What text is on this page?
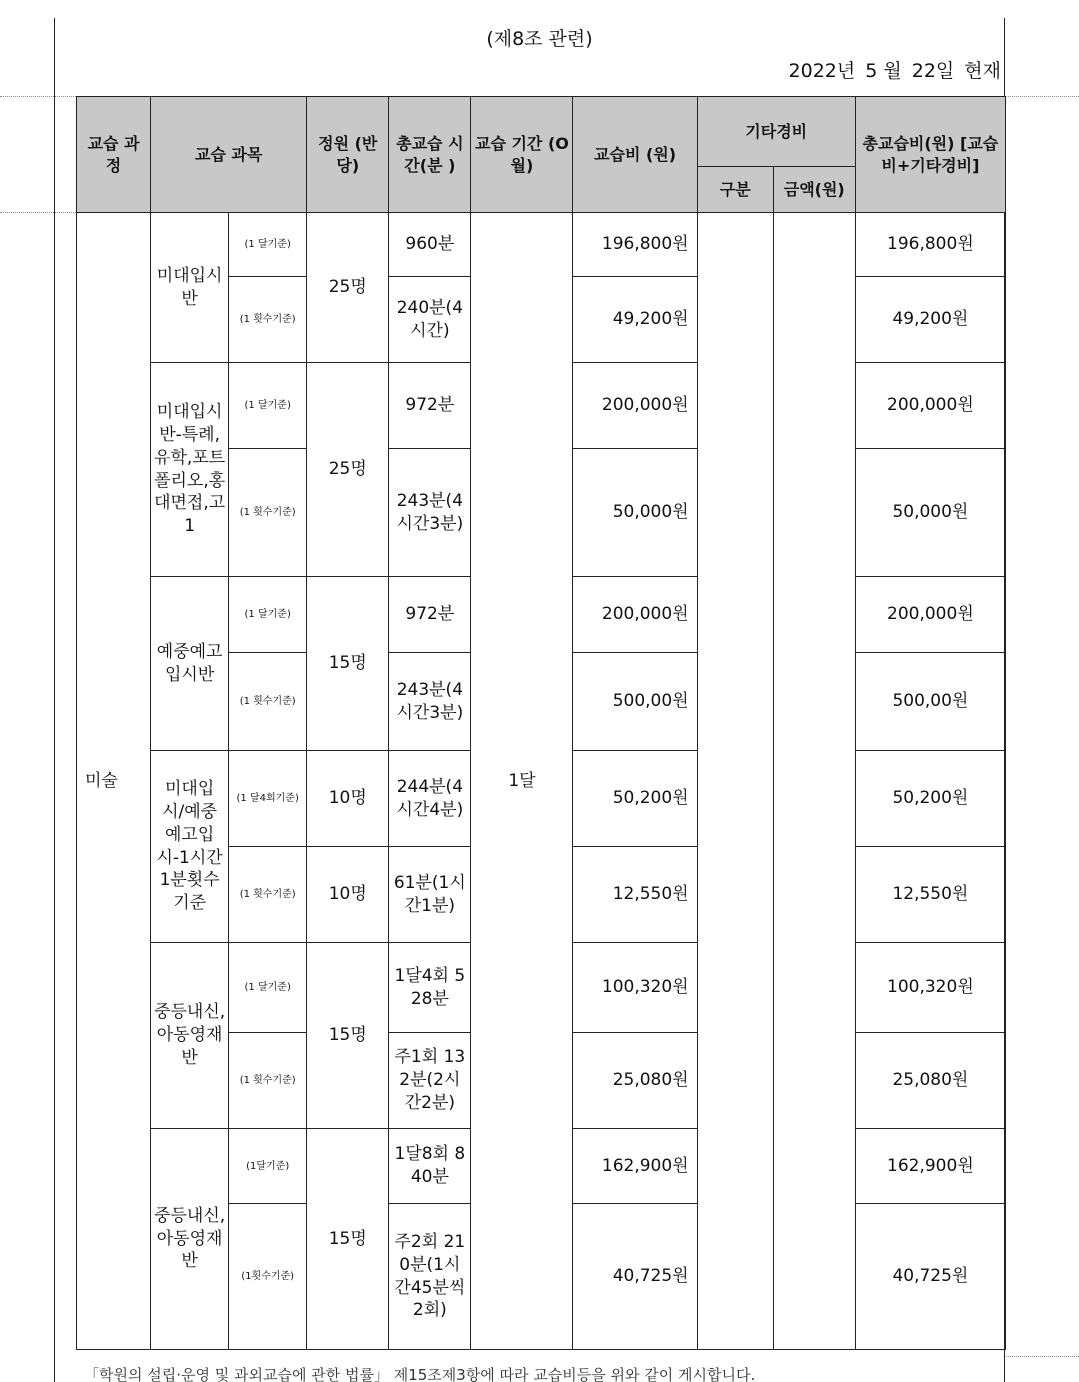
(제8조 관련)
2022년 5 월 22일 현재
교습 과정	교습 과목		정원 (반당)	총교습 시간(분 )	교습 기간 (O월)	교습비 (원)	기타경비		총교습비(원) [교습비+기타경비]
							구분	금액(원)	
미술	미대입시반	(1 달기준)	25명	960분	1달	196,800원			196,800원
		(1 횟수기준)		240분(4시간)		49,200원			49,200원
	미대입시반-특례,유학,포트폴리오,홍대면접,고1	(1 달기준)	25명	972분		200,000원			200,000원
		(1 횟수기준)		243분(4시간3분)		50,000원			50,000원
	예중예고입시반	(1 달기준)	15명	972분		200,000원			200,000원
		(1 횟수기준)		243분(4시간3분)		500,00원			500,00원
	미대입시/예중예고입시-1시간1분횟수기준	(1 달4회기준)	10명	244분(4시간4분)		50,200원			50,200원
		(1 횟수기준)	10명	61분(1시간1분)		12,550원			12,550원
	중등내신,아동영재반	(1 달기준)	15명	1달4회 528분		100,320원			100,320원
		(1 횟수기준)		주1회 132분(2시간2분)		25,080원			25,080원
	중등내신,아동영재반	(1달기준)	15명	1달8회 840분		162,900원			162,900원
		(1횟수기준)		주2회 210분(1시간45분씩2회)		40,725원			40,725원
「학원의 설립·운영 및 과외교습에 관한 법률」 제15조제3항에 따라 교습비등을 위와 같이 게시합니다.
